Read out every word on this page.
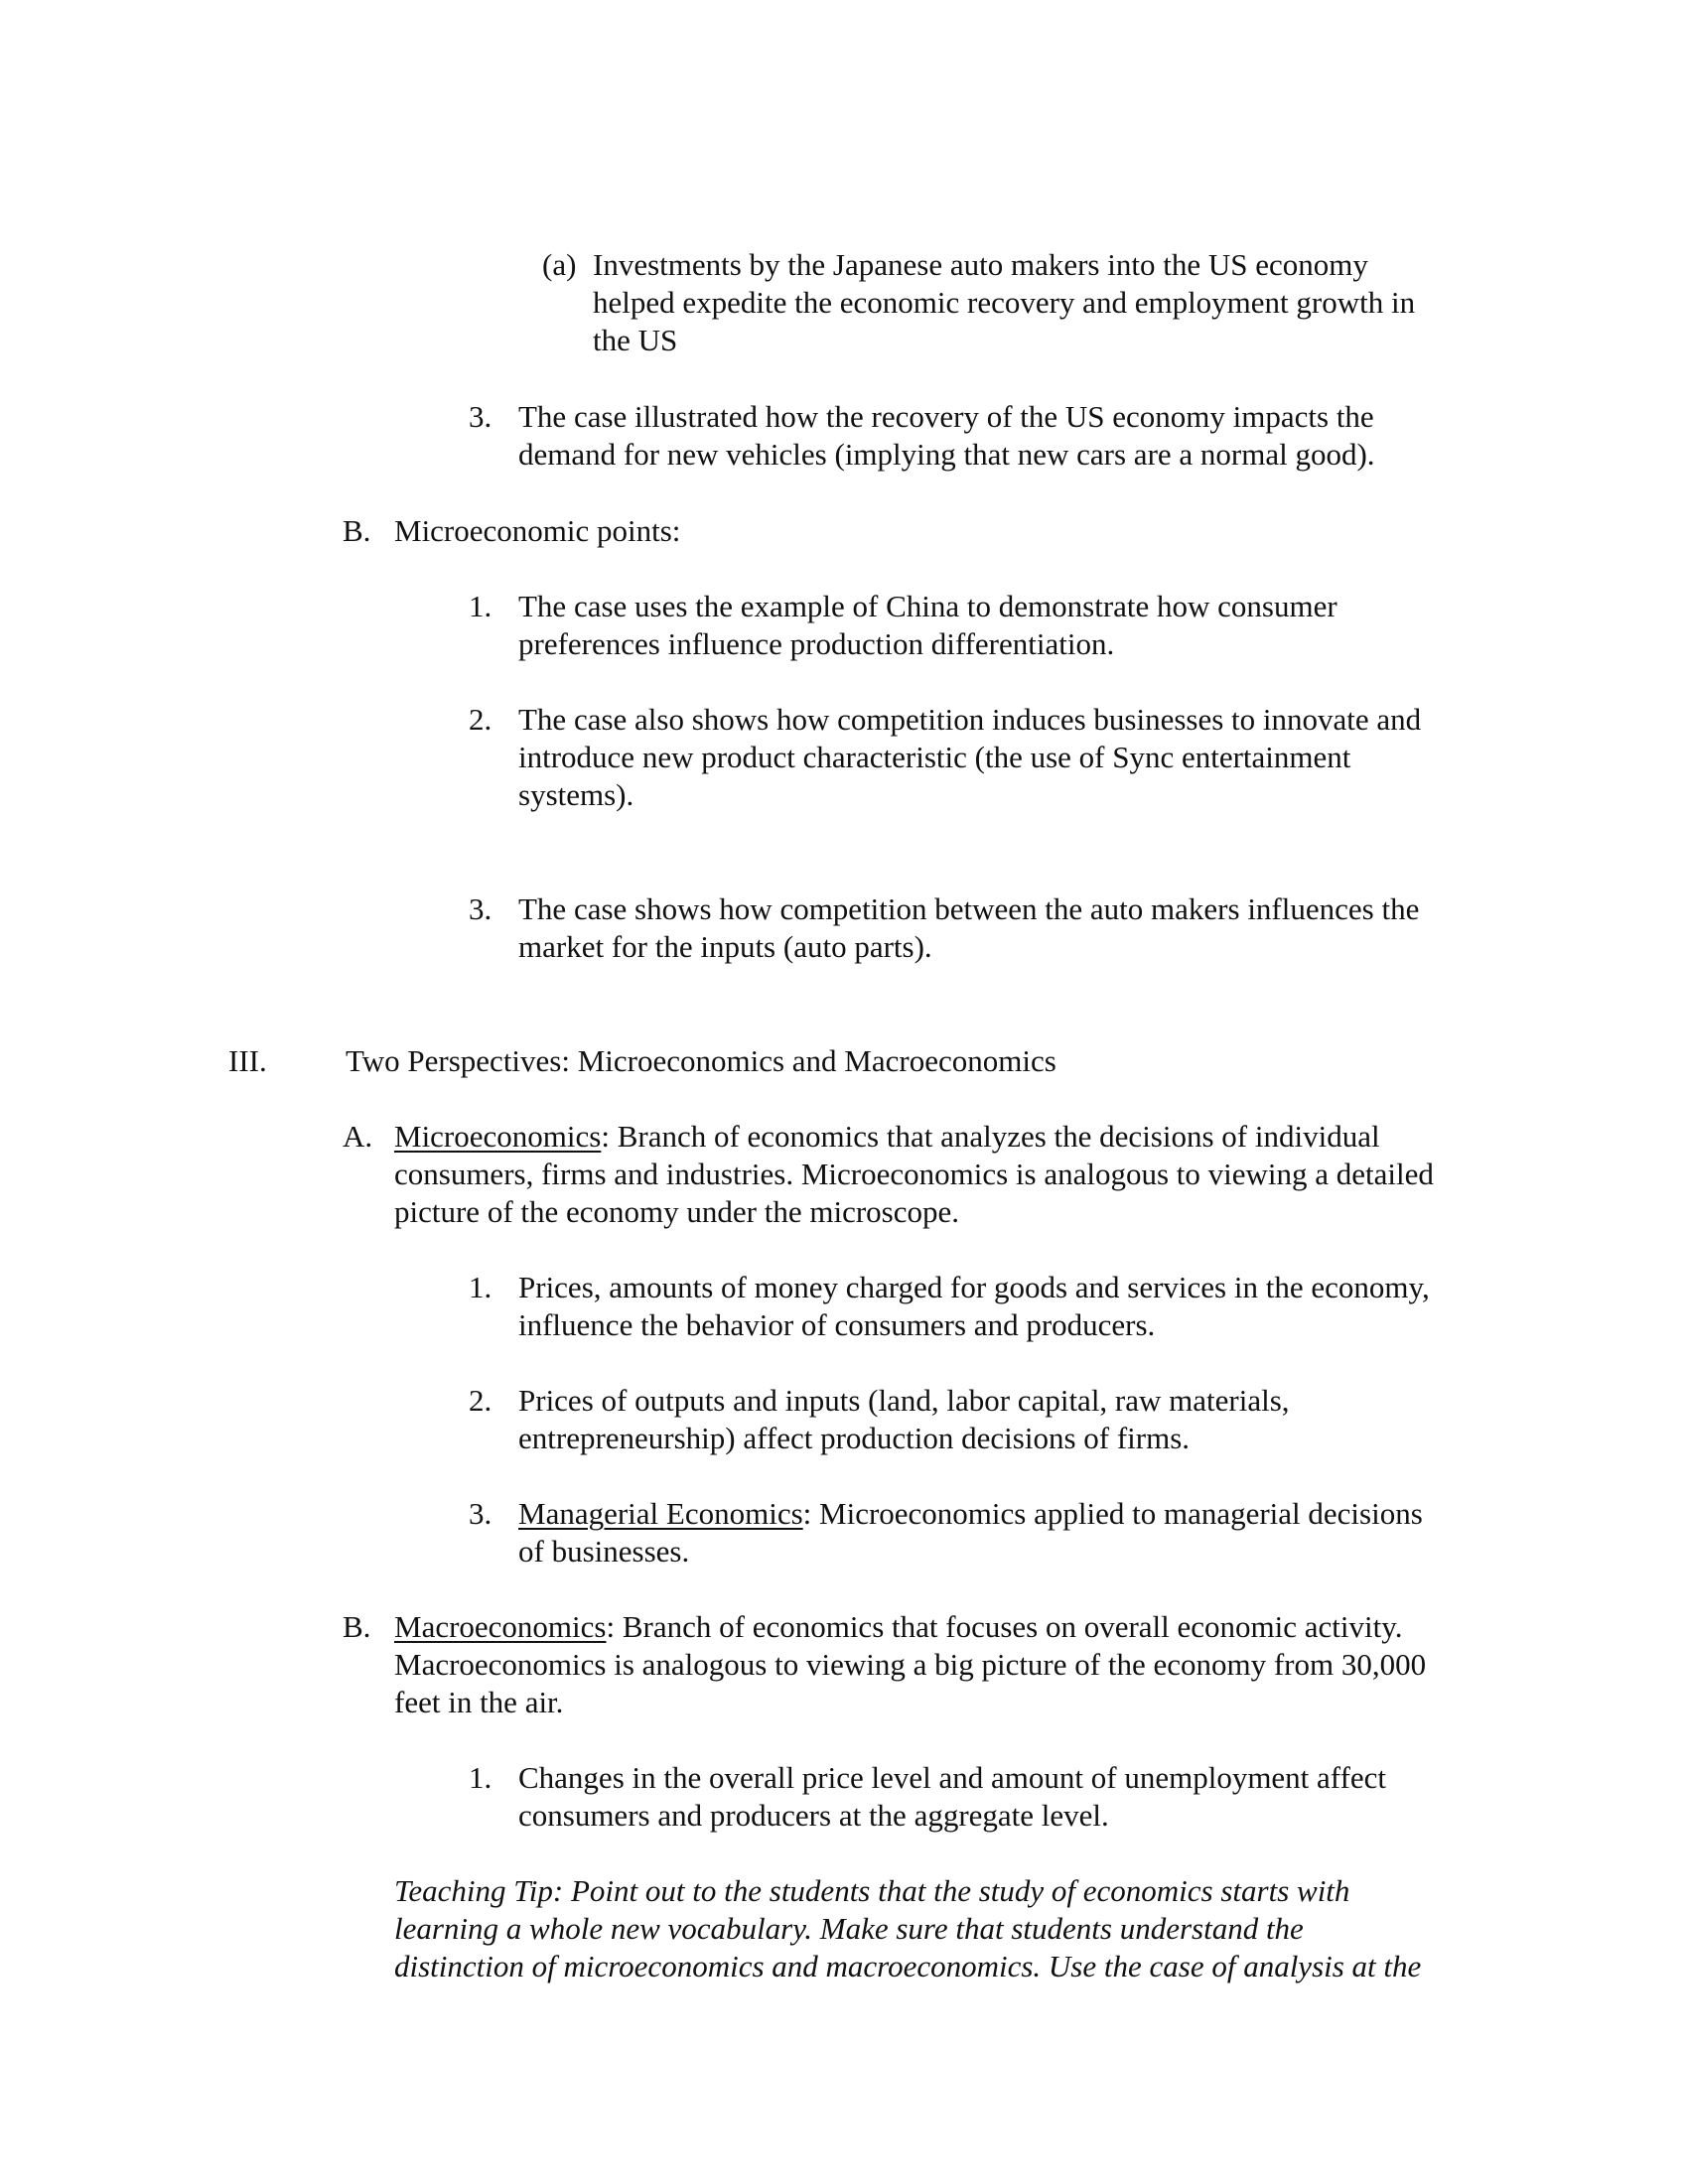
(a) Investments by the Japanese auto makers into the US economy
helped expedite the economic recovery and employment growth in
the US
3. The case illustrated how the recovery of the US economy impacts the
demand for new vehicles (implying that new cars are a normal good).
B. Microeconomic points:
1. The case uses the example of China to demonstrate how consumer
preferences influence production differentiation.
2. The case also shows how competition induces businesses to innovate and
introduce new product characteristic (the use of Sync entertainment
systems).
3. The case shows how competition between the auto makers influences the
market for the inputs (auto parts).
III.	Two Perspectives: Microeconomics and Macroeconomics
A. Microeconomics: Branch of economics that analyzes the decisions of individual
consumers, firms and industries. Microeconomics is analogous to viewing a detailed
picture of the economy under the microscope.
1. Prices, amounts of money charged for goods and services in the economy,
influence the behavior of consumers and producers.
2. Prices of outputs and inputs (land, labor capital, raw materials,
entrepreneurship) affect production decisions of firms.
3. Managerial Economics: Microeconomics applied to managerial decisions
of businesses.
B. Macroeconomics: Branch of economics that focuses on overall economic activity.
Macroeconomics is analogous to viewing a big picture of the economy from 30,000
feet in the air.
1. Changes in the overall price level and amount of unemployment affect
consumers and producers at the aggregate level.
Teaching Tip: Point out to the students that the study of economics starts with
learning a whole new vocabulary. Make sure that students understand the
distinction of microeconomics and macroeconomics. Use the case of analysis at the
